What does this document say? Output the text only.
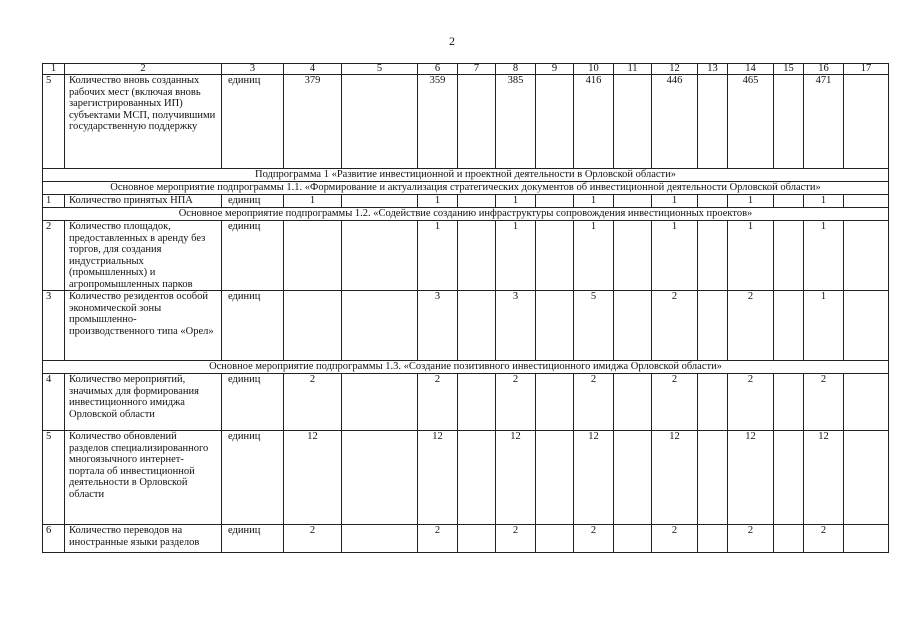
2
1	2	3	4	5	6	7	8	9	10	11	12	13	14	15	16	17
5	Количество вновь созданных рабочих мест (включая вновь зарегистрированных ИП) субъектами МСП, получившими государственную поддержку	единиц	379		359		385		416		446		465		471	
Подпрограмма 1 «Развитие инвестиционной и проектной деятельности в Орловской области»																
Основное мероприятие подпрограммы 1.1. «Формирование и актуализация стратегических документов об инвестиционной деятельности Орловской области»																
1	Количество принятых НПА	единиц	1		1		1		1		1		1		1	
Основное мероприятие подпрограммы 1.2. «Содействие созданию инфраструктуры сопровождения инвестиционных проектов»																
2	Количество площадок, предоставленных в аренду без торгов, для создания индустриальных (промышленных) и агропромышленных парков	единиц			1		1		1		1		1		1	
3	Количество резидентов особой экономической зоны промышленно-производственного типа «Орел»	единиц			3		3		5		2		2		1	
Основное мероприятие подпрограммы 1.3. «Создание позитивного инвестиционного имиджа Орловской области»																
4	Количество мероприятий, значимых для формирования инвестиционного имиджа Орловской области	единиц	2		2		2		2		2		2		2	
5	Количество обновлений разделов специализированного многоязычного интернет-портала об инвестиционной деятельности в Орловской области	единиц	12		12		12		12		12		12		12	
6	Количество переводов на иностранные языки разделов	единиц	2		2		2		2		2		2		2	
